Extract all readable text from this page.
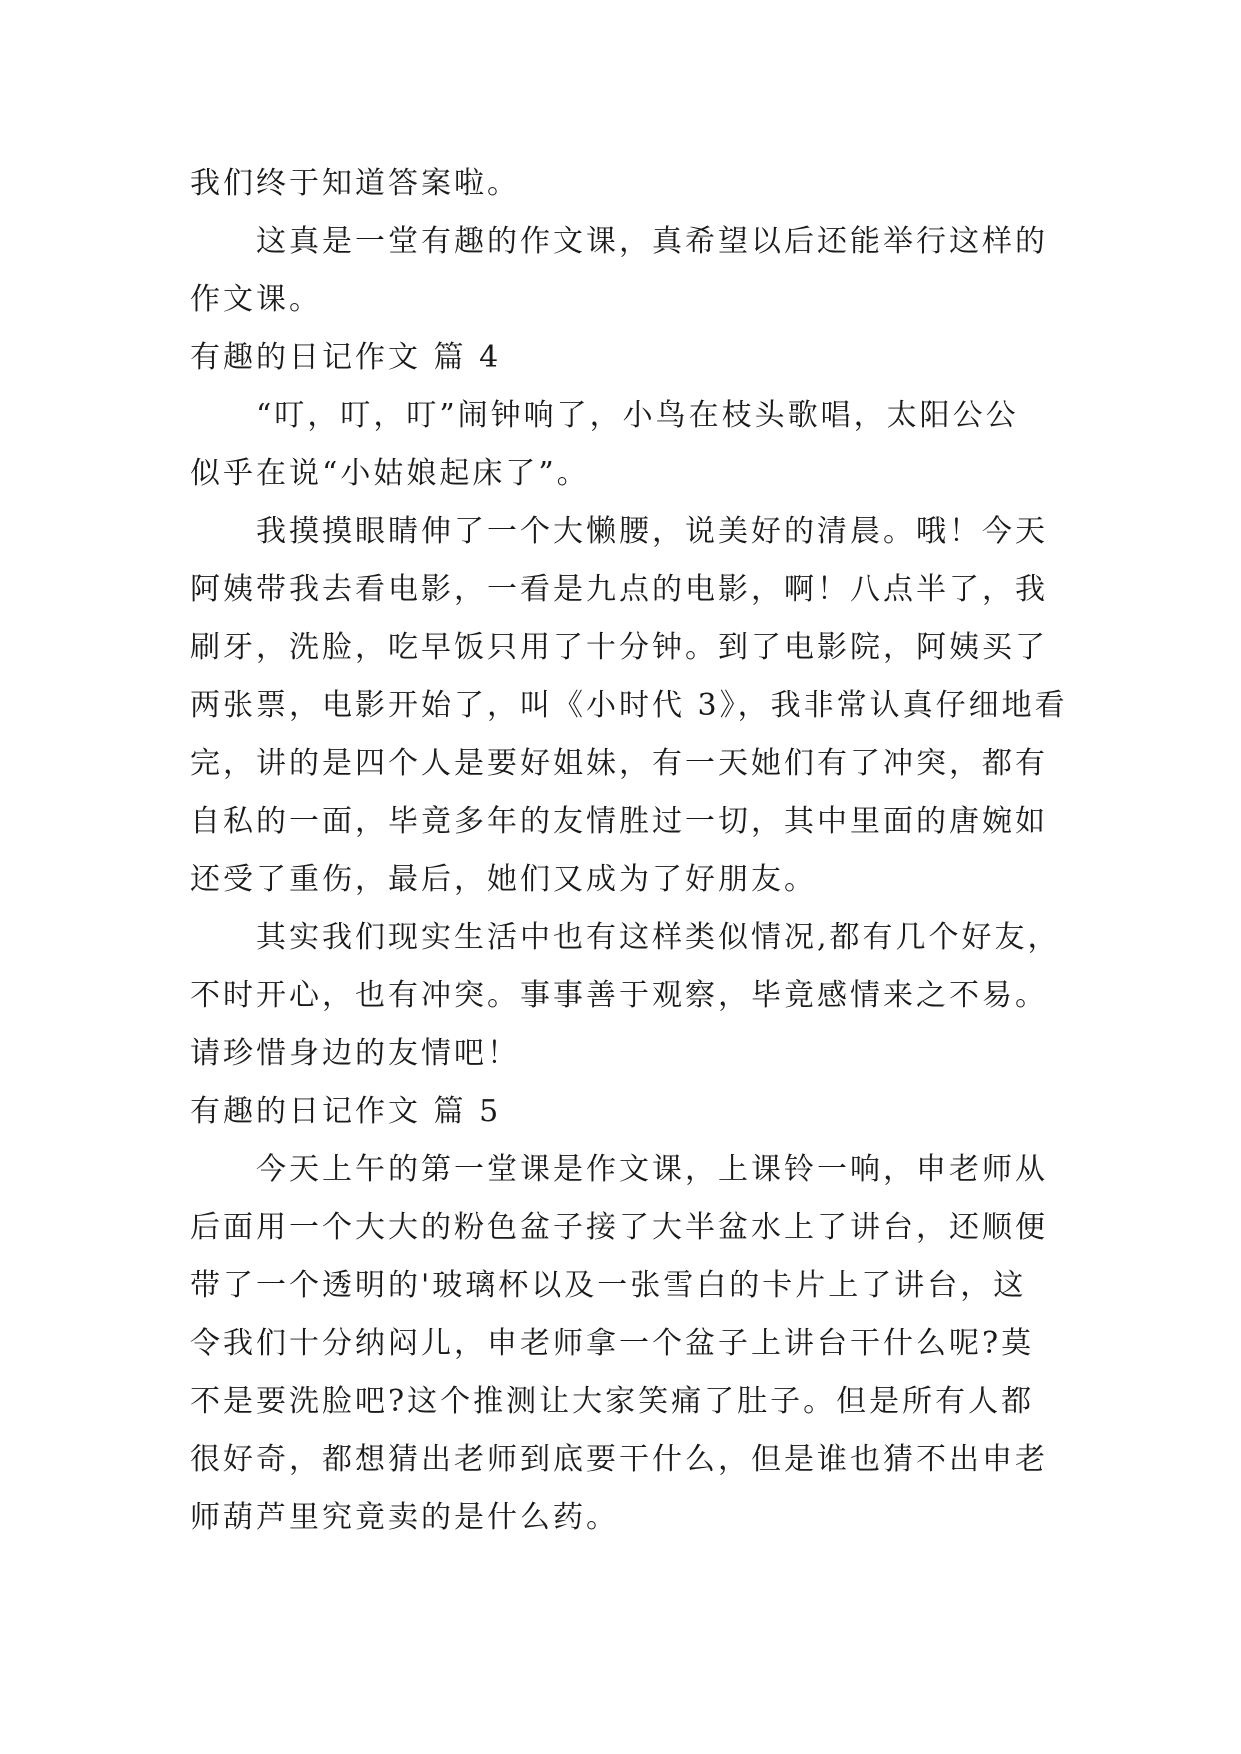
我们终于知道答案啦。

这真是一堂有趣的作文课，真希望以后还能举行这样的
作文课。

有趣的日记作文 篇 4

“叮，叮，叮”闹钟响了，小鸟在枝头歌唱，太阳公公
似乎在说“小姑娘起床了”。

我摸摸眼睛伸了一个大懒腰，说美好的清晨。哦！今天
阿姨带我去看电影，一看是九点的电影，啊！八点半了，我
刷牙，洗脸，吃早饭只用了十分钟。到了电影院，阿姨买了
两张票，电影开始了，叫《小时代 3》，我非常认真仔细地看
完，讲的是四个人是要好姐妹，有一天她们有了冲突，都有
自私的一面，毕竟多年的友情胜过一切，其中里面的唐婉如
还受了重伤，最后，她们又成为了好朋友。

其实我们现实生活中也有这样类似情况,都有几个好友，
不时开心，也有冲突。事事善于观察，毕竟感情来之不易。
请珍惜身边的友情吧！

有趣的日记作文 篇 5

今天上午的第一堂课是作文课，上课铃一响，申老师从
后面用一个大大的粉色盆子接了大半盆水上了讲台，还顺便
带了一个透明的'玻璃杯以及一张雪白的卡片上了讲台，这
令我们十分纳闷儿，申老师拿一个盆子上讲台干什么呢?莫
不是要洗脸吧?这个推测让大家笑痛了肚子。但是所有人都
很好奇，都想猜出老师到底要干什么，但是谁也猜不出申老
师葫芦里究竟卖的是什么药。
